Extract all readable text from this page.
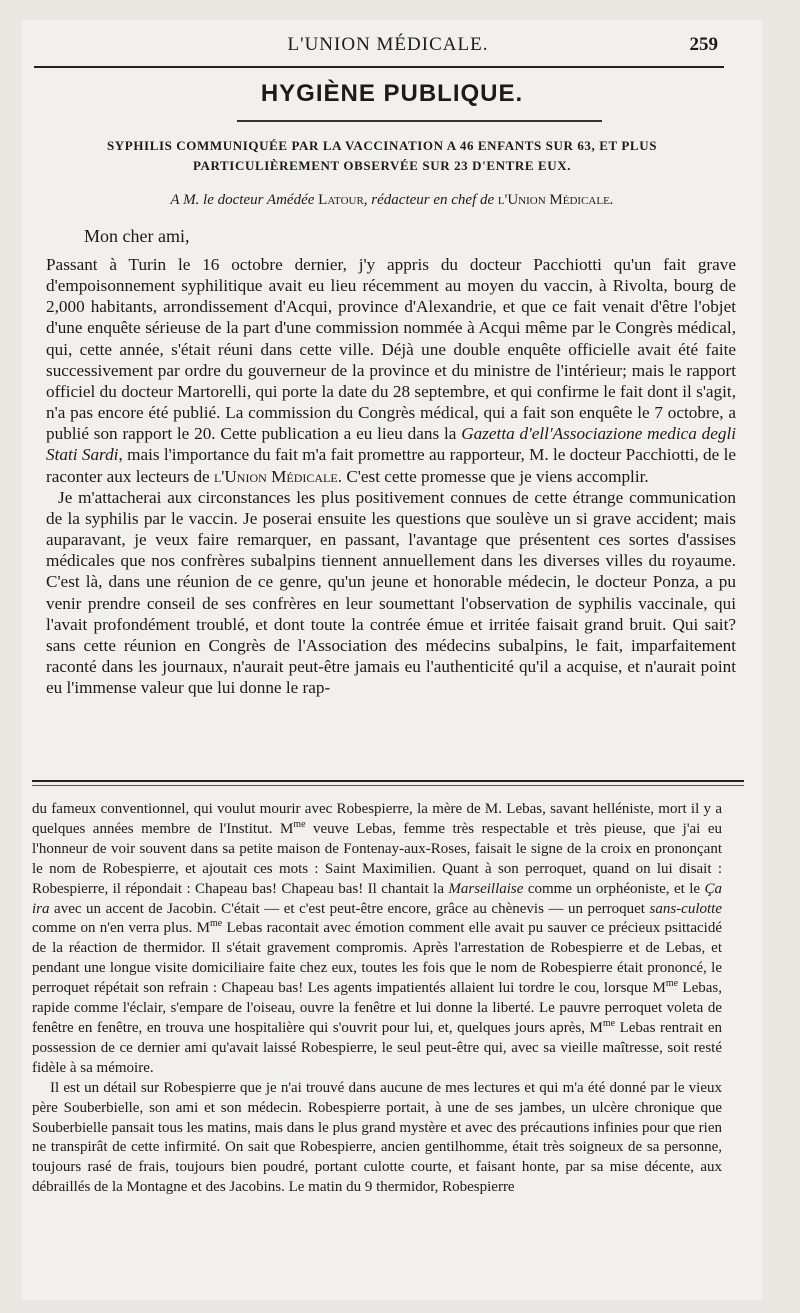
L'UNION MÉDICALE.	259
HYGIÈNE PUBLIQUE.
SYPHILIS COMMUNIQUÉE PAR LA VACCINATION A 46 ENFANTS SUR 63, ET PLUS
PARTICULIÈREMENT OBSERVÉE SUR 23 D'ENTRE EUX.
A M. le docteur Amédée Latour, rédacteur en chef de l'Union Médicale.
Mon cher ami,

Passant à Turin le 16 octobre dernier, j'y appris du docteur Pacchiotti qu'un fait grave d'empoisonnement syphilitique avait eu lieu récemment au moyen du vaccin, à Rivolta, bourg de 2,000 habitants, arrondissement d'Acqui, province d'Alexandrie, et que ce fait venait d'être l'objet d'une enquête sérieuse de la part d'une commission nommée à Acqui même par le Congrès médical, qui, cette année, s'était réuni dans cette ville. Déjà une double enquête officielle avait été faite successivement par ordre du gouverneur de la province et du ministre de l'intérieur; mais le rapport officiel du docteur Martorelli, qui porte la date du 28 septembre, et qui confirme le fait dont il s'agit, n'a pas encore été publié. La commission du Congrès médical, qui a fait son enquête le 7 octobre, a publié son rapport le 20. Cette publication a eu lieu dans la Gazetta d'ell'Associazione medica degli Stati Sardi, mais l'importance du fait m'a fait promettre au rapporteur, M. le docteur Pacchiotti, de le raconter aux lecteurs de l'Union Médicale. C'est cette promesse que je viens accomplir.

Je m'attacherai aux circonstances les plus positivement connues de cette étrange communication de la syphilis par le vaccin. Je poserai ensuite les questions que soulève un si grave accident; mais auparavant, je veux faire remarquer, en passant, l'avantage que présentent ces sortes d'assises médicales que nos confrères subalpins tiennent annuellement dans les diverses villes du royaume. C'est là, dans une réunion de ce genre, qu'un jeune et honorable médecin, le docteur Ponza, a pu venir prendre conseil de ses confrères en leur soumettant l'observation de syphilis vaccinale, qui l'avait profondément troublé, et dont toute la contrée émue et irritée faisait grand bruit. Qui sait? sans cette réunion en Congrès de l'Association des médecins subalpins, le fait, imparfaitement raconté dans les journaux, n'aurait peut-être jamais eu l'authenticité qu'il a acquise, et n'aurait point eu l'immense valeur que lui donne le rap-

du fameux conventionnel, qui voulut mourir avec Robespierre, la mère de M. Lebas, savant helléniste, mort il y a quelques années membre de l'Institut. $M^{me}$ veuve Lebas, femme très respectable et très pieuse, que j'ai eu l'honneur de voir souvent dans sa petite maison de Fontenay-aux-Roses, faisait le signe de la croix en prononçant le nom de Robespierre, et ajoutait ces mots : Saint Maximilien. Quant à son perroquet, quand on lui disait : Robespierre, il répondait : Chapeau bas! Chapeau bas! Il chantait la Marseillaise comme un orphéoniste, et le Ça ira avec un accent de Jacobin. C'était — et c'est peut-être encore, grâce au chènevis — un perroquet sans-culotte comme on n'en verra plus. $M^{me}$ Lebas racontait avec émotion comment elle avait pu sauver ce précieux psittacidé de la réaction de thermidor. Il s'était gravement compromis. Après l'arrestation de Robespierre et de Lebas, et pendant une longue visite domiciliaire faite chez eux, toutes les fois que le nom de Robespierre était prononcé, le perroquet répétait son refrain : Chapeau bas! Les agents impatientés allaient lui tordre le cou, lorsque $M^{me}$ Lebas, rapide comme l'éclair, s'empare de l'oiseau, ouvre la fenêtre et lui donne la liberté. Le pauvre perroquet voleta de fenêtre en fenêtre, en trouva une hospitalière qui s'ouvrit pour lui, et, quelques jours après, $M^{me}$ Lebas rentrait en possession de ce dernier ami qu'avait laissé Robespierre, le seul peut-être qui, avec sa vieille maîtresse, soit resté fidèle à sa mémoire.

Il est un détail sur Robespierre que je n'ai trouvé dans aucune de mes lectures et qui m'a été donné par le vieux père Souberbielle, son ami et son médecin. Robespierre portait, à une de ses jambes, un ulcère chronique que Souberbielle pansait tous les matins, mais dans le plus grand mystère et avec des précautions infinies pour que rien ne transpirât de cette infirmité. On sait que Robespierre, ancien gentilhomme, était très soigneux de sa personne, toujours rasé de frais, toujours bien poudré, portant culotte courte, et faisant honte, par sa mise décente, aux débraillés de la Montagne et des Jacobins. Le matin du 9 thermidor, Robespierre
